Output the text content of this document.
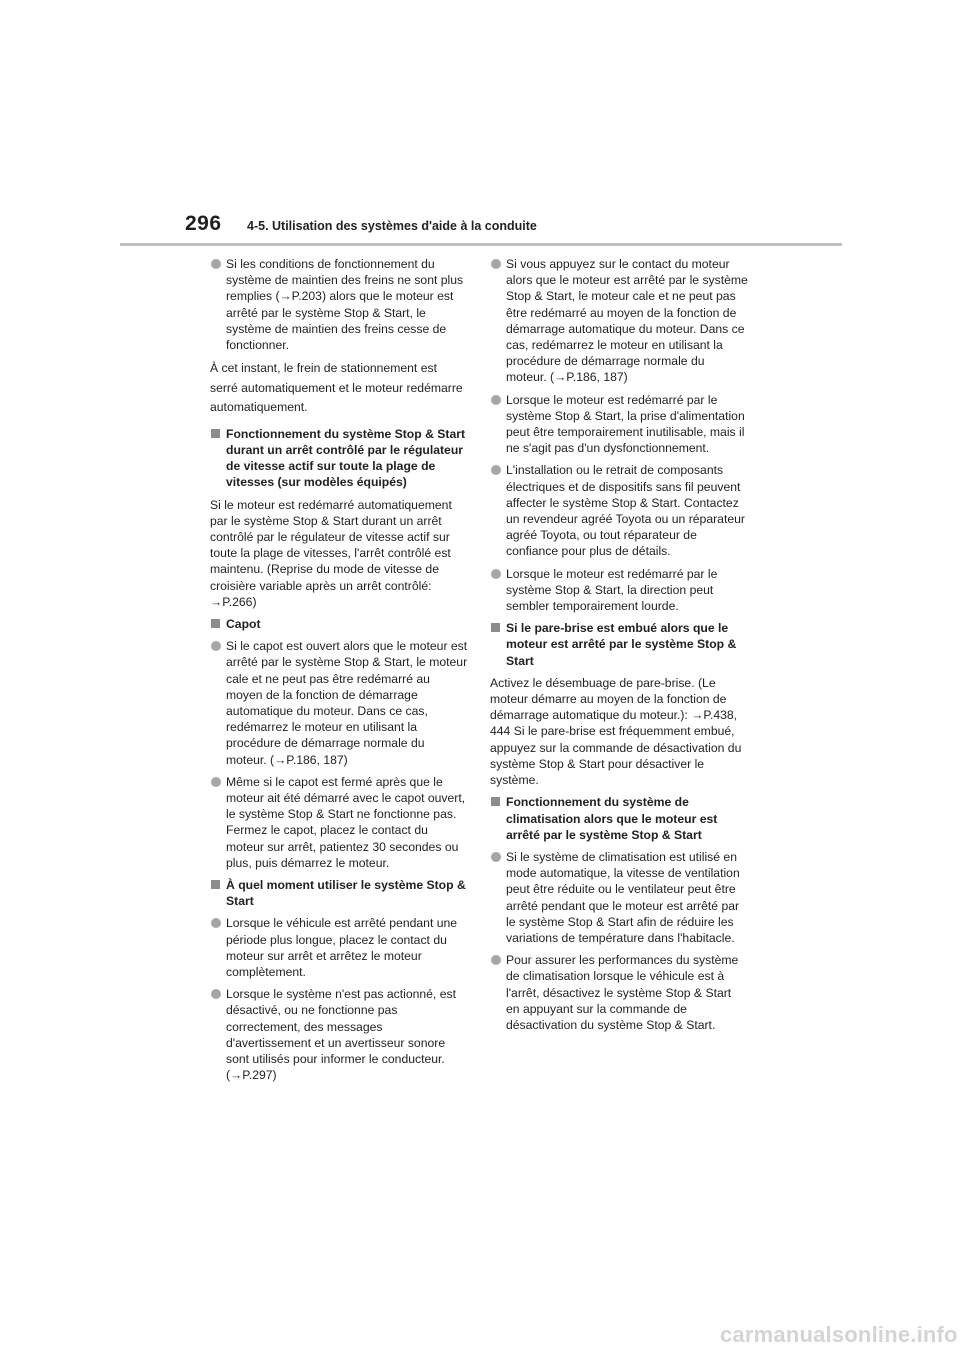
296 4-5. Utilisation des systèmes d'aide à la conduite
Si les conditions de fonctionnement du système de maintien des freins ne sont plus remplies (→P.203) alors que le moteur est arrêté par le système Stop & Start, le système de maintien des freins cesse de fonctionner.
À cet instant, le frein de stationnement est serré automatiquement et le moteur redémarre automatiquement.
Fonctionnement du système Stop & Start durant un arrêt contrôlé par le régulateur de vitesse actif sur toute la plage de vitesses (sur modèles équipés)
Si le moteur est redémarré automatiquement par le système Stop & Start durant un arrêt contrôlé par le régulateur de vitesse actif sur toute la plage de vitesses, l'arrêt contrôlé est maintenu. (Reprise du mode de vitesse de croisière variable après un arrêt contrôlé: →P.266)
Capot
Si le capot est ouvert alors que le moteur est arrêté par le système Stop & Start, le moteur cale et ne peut pas être redémarré au moyen de la fonction de démarrage automatique du moteur. Dans ce cas, redémarrez le moteur en utilisant la procédure de démarrage normale du moteur. (→P.186, 187)
Même si le capot est fermé après que le moteur ait été démarré avec le capot ouvert, le système Stop & Start ne fonctionne pas. Fermez le capot, placez le contact du moteur sur arrêt, patientez 30 secondes ou plus, puis démarrez le moteur.
À quel moment utiliser le système Stop & Start
Lorsque le véhicule est arrêté pendant une période plus longue, placez le contact du moteur sur arrêt et arrêtez le moteur complètement.
Lorsque le système n'est pas actionné, est désactivé, ou ne fonctionne pas correctement, des messages d'avertissement et un avertisseur sonore sont utilisés pour informer le conducteur. (→P.297)
Si vous appuyez sur le contact du moteur alors que le moteur est arrêté par le système Stop & Start, le moteur cale et ne peut pas être redémarré au moyen de la fonction de démarrage automatique du moteur. Dans ce cas, redémarrez le moteur en utilisant la procédure de démarrage normale du moteur. (→P.186, 187)
Lorsque le moteur est redémarré par le système Stop & Start, la prise d'alimentation peut être temporairement inutilisable, mais il ne s'agit pas d'un dysfonctionnement.
L'installation ou le retrait de composants électriques et de dispositifs sans fil peuvent affecter le système Stop & Start. Contactez un revendeur agréé Toyota ou un réparateur agréé Toyota, ou tout réparateur de confiance pour plus de détails.
Lorsque le moteur est redémarré par le système Stop & Start, la direction peut sembler temporairement lourde.
Si le pare-brise est embué alors que le moteur est arrêté par le système Stop & Start
Activez le désembuage de pare-brise. (Le moteur démarre au moyen de la fonction de démarrage automatique du moteur.): →P.438, 444 Si le pare-brise est fréquemment embué, appuyez sur la commande de désactivation du système Stop & Start pour désactiver le système.
Fonctionnement du système de climatisation alors que le moteur est arrêté par le système Stop & Start
Si le système de climatisation est utilisé en mode automatique, la vitesse de ventilation peut être réduite ou le ventilateur peut être arrêté pendant que le moteur est arrêté par le système Stop & Start afin de réduire les variations de température dans l'habitacle.
Pour assurer les performances du système de climatisation lorsque le véhicule est à l'arrêt, désactivez le système Stop & Start en appuyant sur la commande de désactivation du système Stop & Start.
carmanualsonline.info
